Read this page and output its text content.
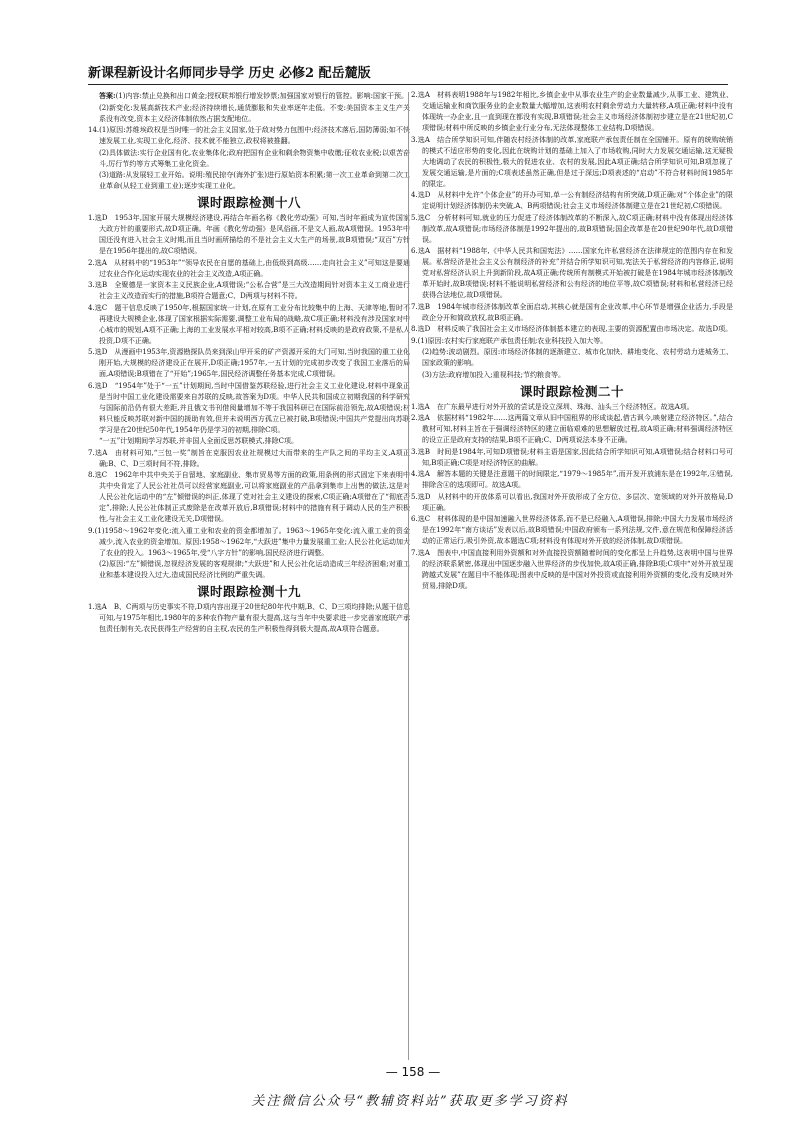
新课程新设计名师同步导学 历史 必修2 配岳麓版
答案:(1)内容:禁止兑换和出口黄金;授权联邦银行增发钞票;加强国家对银行的管控。影响:国家干预。
(2)新变化:发展高新技术产业;经济持续增长,通货膨胀和失业率逐年走低。不变:美国资本主义生产关系没有改变,资本主义经济体制依然占据支配地位。
14.(1)原因:苏维埃政权是当时唯一的社会主义国家,处于敌对势力包围中;经济技术落后,国防薄弱;如不快速发展工业,实现工业化,经济、技术就不能独立,政权将被推翻。
(2)具体做法:实行企业国有化,农业集体化;政府把国有企业和剩余物资集中收缴;征收农业税;以艰苦奋斗,厉行节约等方式筹集工业化资金。
(3)道路:从发展轻工业开始。说明:殖民掠夺(海外扩张)进行原始资本积累;第一次工业革命到第二次工业革命(从轻工业到重工业);逐步实现工业化。
课时跟踪检测十八
1.选D　1953年,国家开展大规模经济建设,再结合年画名称《教化劳动强》可知,当时年画成为宣传国家大政方针的重要形式,故D项正确。年画《教化劳动强》是风俗画,不是文人画,故A项错误。1953年中国还没有进入社会主义时期,而且当时画所描绘的不是社会主义大生产的场景,故B项错误;“双百”方针是在1956年提出的,故C项错误。
2.选A　从材料中的“1953年”“领导农民在自愿的基础上,由低级到高级……走向社会主义”可知这是要通过农业合作化运动实现农业的社会主义改造,A项正确。
3.选B　全聚德是一家资本主义民族企业,A项错误;“公私合营”是三大改造期间针对资本主义工商业进行社会主义改造而实行的措施,B项符合题意;C、D两项与材料不符。
4.选C　题干信息反映了1950年,根据国家统一计划,在原有工业分布比较集中的上海、天津等地,暂时不再建设大规模企业,体现了国家根据实际需要,调整工业布局的战略,故C项正确;材料没有涉及国家对中心城市的规划,A项不正确;上海的工业发展水平相对较高,B项不正确;材料反映的是政府政策,不是私人投资,D项不正确。
5.选D　从漫画中1953年,资源勘探队员来到深山甲开采的矿产资源开采的大门可知,当时我国的重工业化刚开始,大规模的经济建设正在展开,D项正确;1957年,一五计划的完成初步改变了我国工业落后的局面,A项错误;B项错在了“开始”;1965年,国民经济调整任务基本完成,C项错误。
6.选D　“1954年”处于“一五”计划期间,当时中国借鉴苏联经验,进行社会主义工业化建设,材料中现象正是当时中国工业化建设需要来自苏联的反映,故答案为D项。中华人民共和国成立初期我国的科学研究与国际前沿仍有很大差距,并且俄文书刊借阅量增加不等于我国科研已在国际前沿领先,故A项错误;材料只能反映苏联对新中国的援助有效,但并未说明西方孤立已被打破,B项错误;中国共产党提出向苏联学习是在20世纪50年代,1954年仍是学习的初期,排除C项。
“一五”计划期间学习苏联,并非国人全面反思苏联模式,排除C项。
7.选A　由材料可知,“三包一奖”制旨在克服因农业社规模过大而带来的生产队之间的平均主义,A项正确;B、C、D三项时间不符,排除。
8.选C　1962年中共中央关于自留地、家庭副业、集市贸易等方面的政策,用条例的形式固定下来表明中共中央肯定了人民公社社员可以经营家庭副业,可以将家庭副业的产品拿到集市上出售的做法,这是对人民公社化运动中的“左”倾错误的纠正,体现了党对社会主义建设的探索,C项正确;A项错在了“彻底否定”,排除;人民公社体制正式废除是在改革开放后,B项错误;材料中的措施有利于调动人民的生产积极性,与社会主义工业化建设无关,D项错误。
9.(1)1958～1962年变化:流入重工业和农业的资金都增加了。1963～1965年变化:流入重工业的资金减少,流入农业的资金增加。原因:1958～1962年,“大跃进”集中力量发展重工业;人民公社化运动加大了农业的投入。1963～1965年,受“八字方针”的影响,国民经济进行调整。
(2)原因:“左”倾错误,忽视经济发展的客观规律;“大跃进”和人民公社化运动造成三年经济困难;对重工业和基本建设投入过大,造成国民经济比例的严重失调。
课时跟踪检测十九
1.选A　B、C两项与历史事实不符,D项内容出现于20世纪80年代中期,B、C、D三项均排除;从题干信息可知,与1975年相比,1980年的多种农作物产量有很大提高,这与当年中央要求进一步完善家庭联产承包责任制有关,农民获得生产经营的自主权,农民的生产积极性得到极大提高,故A项符合题意。
2.选A　材料表明1988年与1982年相比,乡镇企业中从事农业生产的企业数量减少,从事工业、建筑业、交通运输业和商饮服务业的企业数量大幅增加,这表明农村剩余劳动力大量转移,A项正确;材料中没有体现统一办企业,且一直到现在都没有实现,B项错误;社会主义市场经济体制初步建立是在21世纪初,C项错误;材料中所反映的乡镇企业行业分布,无法体现整体工业结构,D项错误。
3.选A　结合所学知识可知,伴随农村经济体制的改革,家庭联产承包责任制在全国铺开。原有的统购统销的模式不适应形势的变化,因此在统购计划的基础上加入了市场收购,同时大力发展交通运输,这无疑极大地调动了农民的积极性,极大的促进农业、农村的发展,因此A项正确;结合所学知识可知,B项忽视了发展交通运输,是片面的;C项表述虽然正确,但是过于深远;D项表述的“启动”不符合材料时间1985年的限定。
4.选D　从材料中允许“个体企业”的开办可知,单一公有制经济结构有所突破,D项正确;对“个体企业”的限定说明计划经济体制仍未突破,A、B两项错误;社会主义市场经济体制建立是在21世纪初,C项错误。
5.选C　分析材料可知,就业的压力促进了经济体制改革的不断深入,故C项正确;材料中没有体现出经济体制改革,故A项错误;市场经济体制是1992年提出的,故B项错误;国企改革是在20世纪90年代,故D项错误。
6.选A　据材料“1988年,《中华人民共和国宪法》……国家允许私营经济在法律规定的范围内存在和发展。私营经济是社会主义公有制经济的补充”并结合所学知识可知,宪法关于私营经济的内容修正,说明党对私营经济认识上升到新阶段,故A项正确;传统所有制模式开始被打破是在1984年城市经济体制改革开始时,故B项错误;材料不能说明私营经济和公有经济的地位平等,故C项错误;材料和私营经济已经获得合法地位,故D项错误。
7.选B　1984年城市经济体制改革全面启动,其核心就是国有企业改革,中心环节是增强企业活力,手段是政企分开和简政放权,故B项正确。
8.选D　材料反映了我国社会主义市场经济体制基本建立的表现,主要的资源配置由市场决定。故选D项。
9.(1)原因:农村实行家庭联产承包责任制;农业科技投入加大等。
(2)趋势:波动剧烈。原因:市场经济体制的逐渐建立、城市化加快、耕地变化、农村劳动力进城务工、国家政策的影响。
(3)方法:政府增加投入;重视科技;节约粮食等。
课时跟踪检测二十
1.选A　在广东最早进行对外开放的尝试是设立深圳、珠海、汕头三个经济特区。故选A项。
2.选A　依据材料“1982年……这两篇文章从旧中国租界的形成谈起,借古讽今,映射建立经济特区。”,结合教材可知,材料主旨在于强调经济特区的建立面临艰难的思想解放过程,故A项正确;材料强调经济特区的设立正是政府支持的结果,B项不正确;C、D两项说法本身不正确。
3.选B　时间是1984年,可知D项错误;材料主语是国家,因此结合所学知识可知,A项错误;结合材料口号可知,B项正确;C项是对经济特区的曲解。
4.选A　解答本题的关键是注意题干的时间限定,“1979～1985年”,而开发开放浦东是在1992年,④错误,排除含④的选项即可。故选A项。
5.选D　从材料中的开放体系可以看出,我国对外开放形成了全方位、多层次、宽领域的对外开放格局,D项正确。
6.选C　材料体现的是中国加速融入世界经济体系,而不是已经融入,A项错误,排除;中国大力发展市场经济是在1992年“南方谈话”发表以后,故B项错误;中国政府颁布一系列法规,文件,意在规范和保障经济活动的正常运行,吸引外资,故本题选C项;材料没有体现对外开放的经济体制,故D项错误。
7.选A　图表中,中国直接利用外资额和对外直接投资额随着时间的变化都呈上升趋势,这表明中国与世界的经济联系紧密,体现出中国逐步融入世界经济的步伐加快,故A项正确,排除B项;C项中“对外开放呈现跨越式发展”在题目中不能体现;图表中反映的是中国对外投资或直接利用外资额的变化,没有反映对外贸易,排除D项。
— 158 —
关注微信公众号“教辅资料站”获取更多学习资料
